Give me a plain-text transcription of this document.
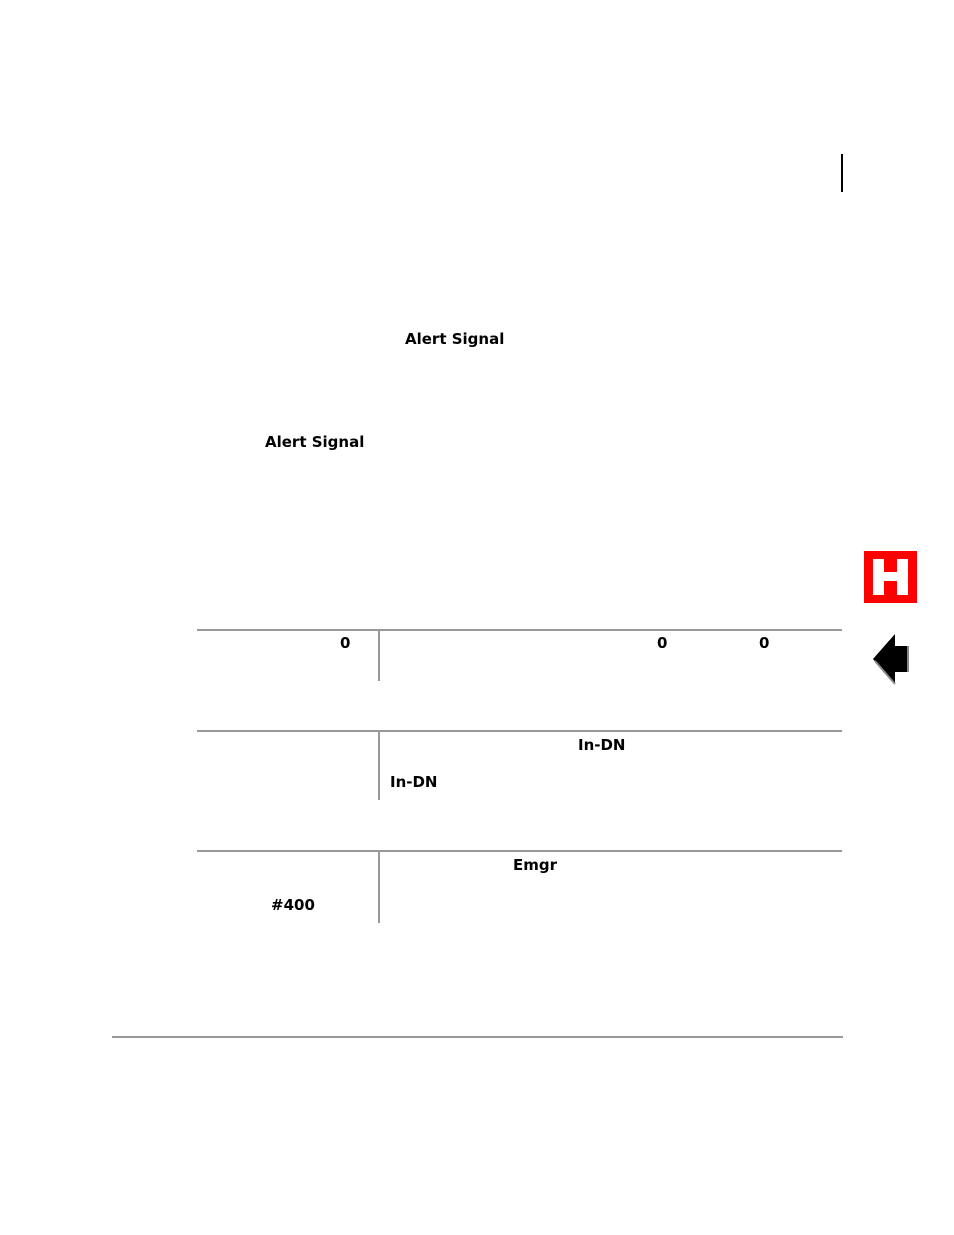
Alert Signal
Alert Signal
0	0	0
In-DN
In-DN
Emgr
#400
